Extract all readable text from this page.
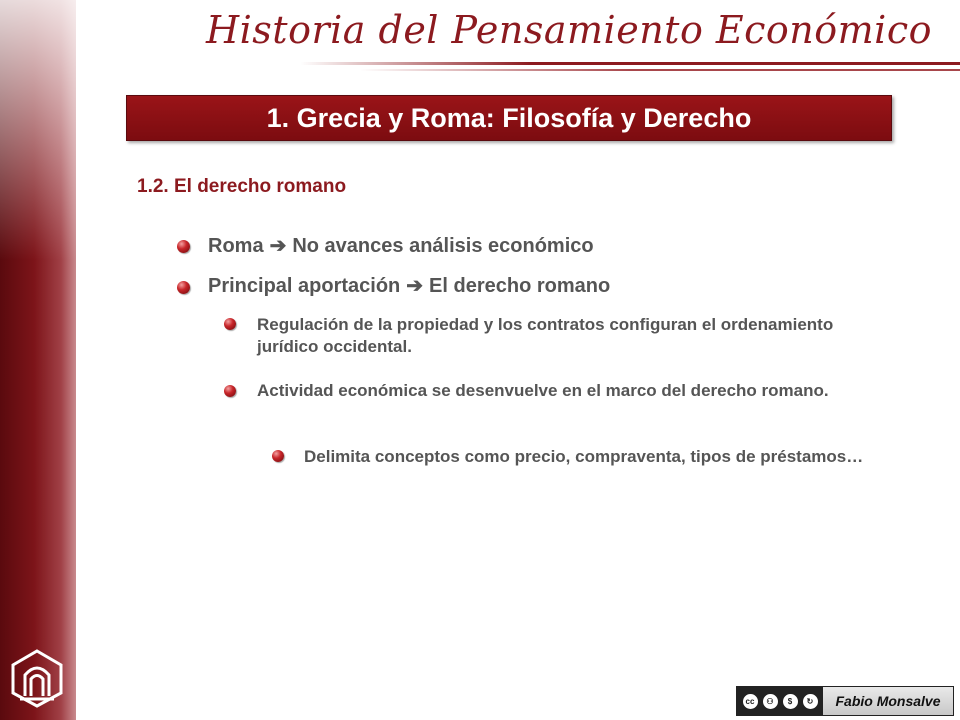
Historia del Pensamiento Económico
1. Grecia y Roma: Filosofía y Derecho
1.2. El derecho romano
Roma ➔ No avances análisis económico
Principal aportación ➔ El derecho romano
Regulación de la propiedad y los contratos configuran el ordenamiento jurídico occidental.
Actividad económica se desenvuelve en el marco del derecho romano.
Delimita conceptos como precio, compraventa, tipos de préstamos…
cc	⚇	$	↻	Fabio Monsalve
